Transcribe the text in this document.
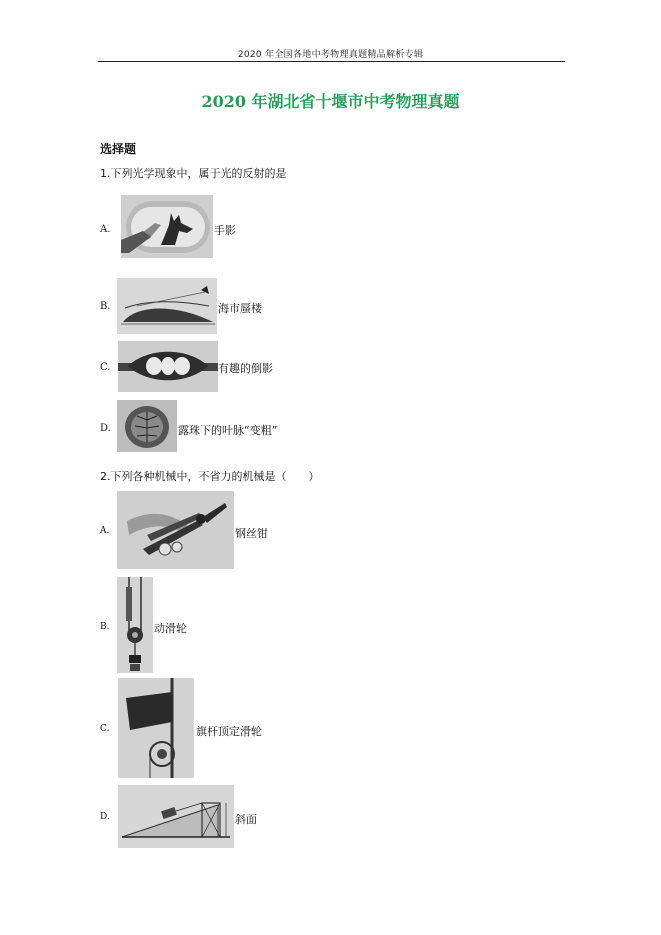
2020 年全国各地中考物理真题精品解析专辑
2020 年湖北省十堰市中考物理真题
选择题
1.下列光学现象中，属于光的反射的是
A.	手影
B.	海市蜃楼
C.	有趣的倒影
D.	露珠下的叶脉“变粗”
2.下列各种机械中，不省力的机械是（　　）
A.	钢丝钳
B.	动滑轮
C.	旗杆顶定滑轮
D.	斜面
